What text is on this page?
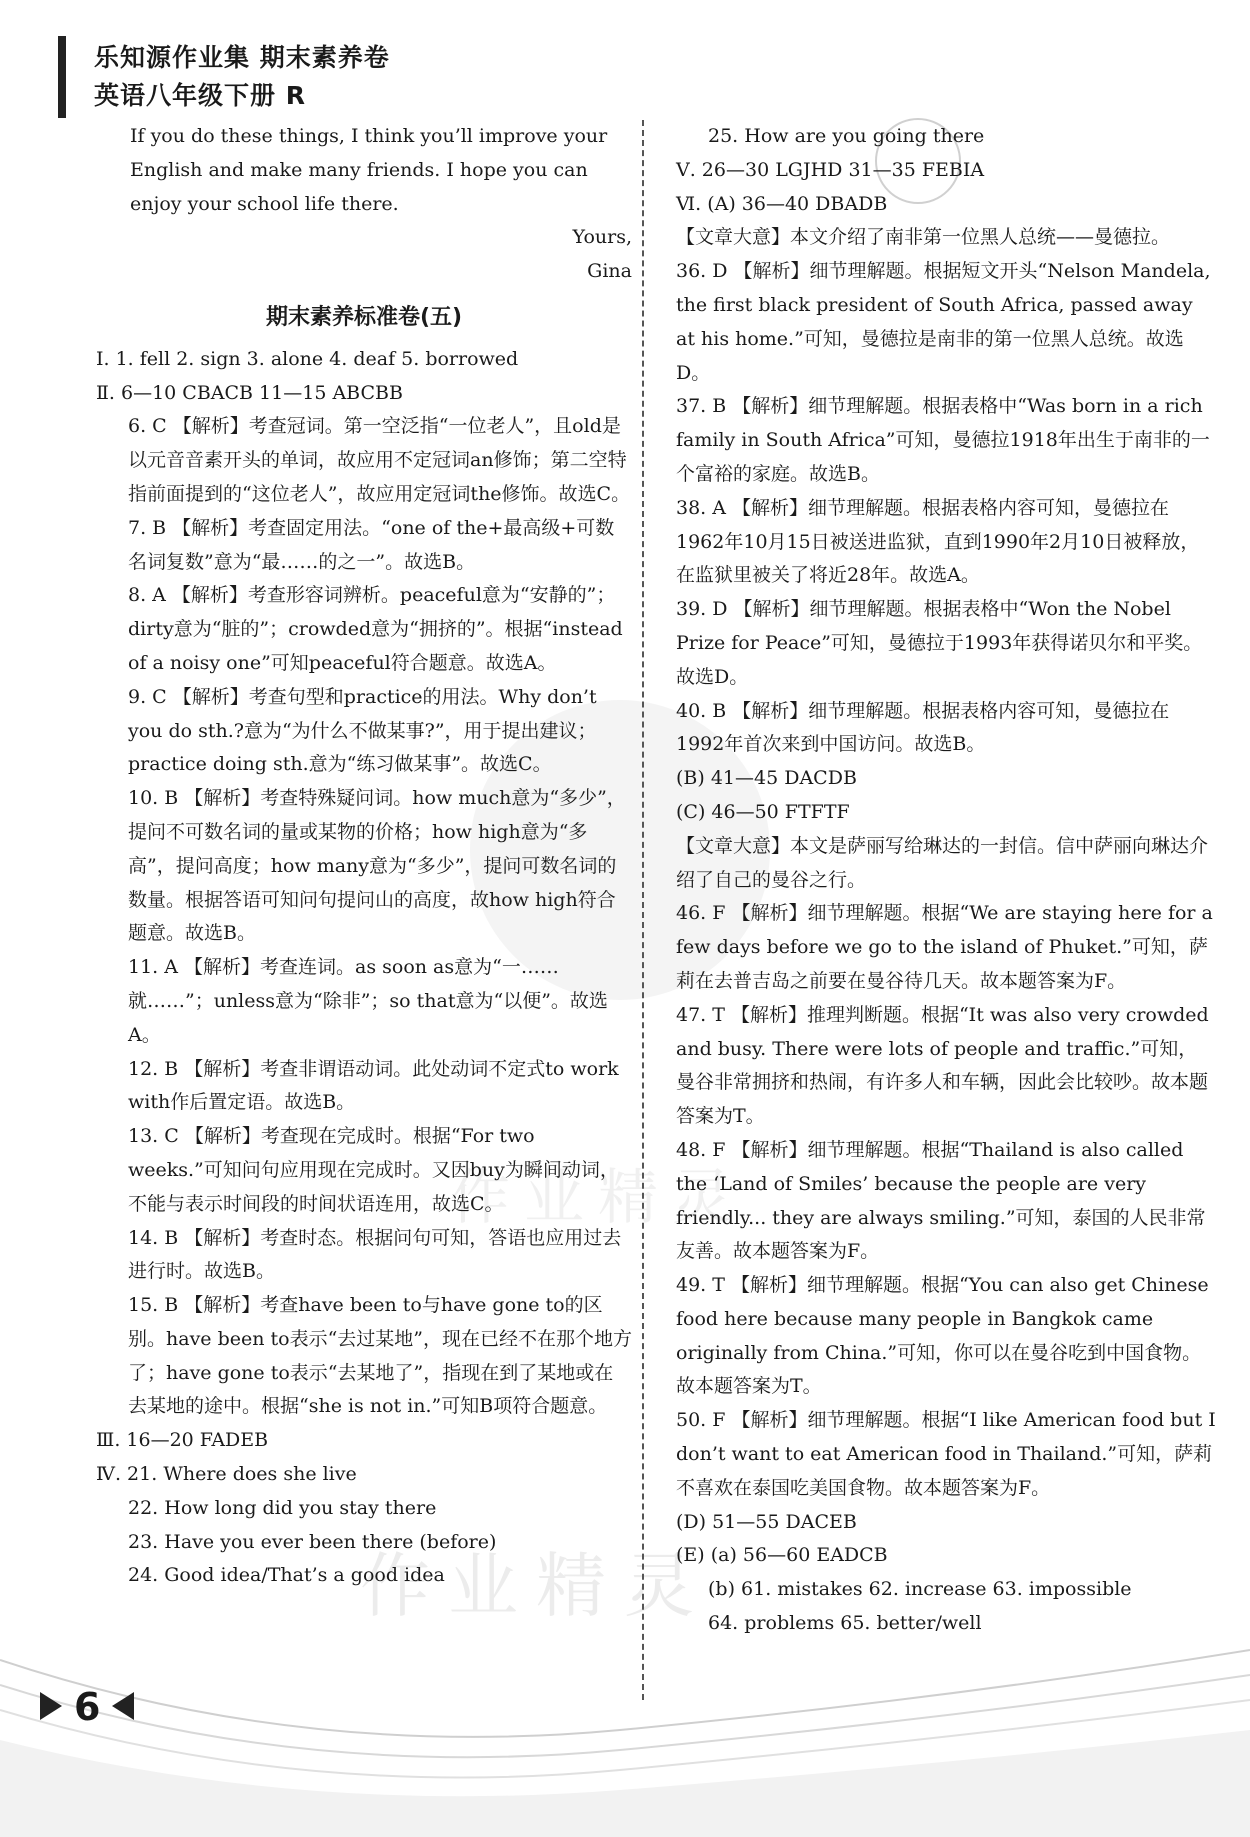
乐知源作业集 期末素养卷
英语八年级下册 R
作业精灵
作业精灵
If you do these things, I think you’ll improve your English and make many friends. I hope you can enjoy your school life there.
Yours,
Gina
期末素养标准卷(五)
Ⅰ. 1. fell 2. sign 3. alone 4. deaf 5. borrowed
Ⅱ. 6—10 CBACB 11—15 ABCBB
6. C 【解析】考查冠词。第一空泛指“一位老人”，且old是以元音音素开头的单词，故应用不定冠词an修饰；第二空特指前面提到的“这位老人”，故应用定冠词the修饰。故选C。
7. B 【解析】考查固定用法。“one of the+最高级+可数名词复数”意为“最……的之一”。故选B。
8. A 【解析】考查形容词辨析。peaceful意为“安静的”；dirty意为“脏的”；crowded意为“拥挤的”。根据“instead of a noisy one”可知peaceful符合题意。故选A。
9. C 【解析】考查句型和practice的用法。Why don’t you do sth.?意为“为什么不做某事?”，用于提出建议；practice doing sth.意为“练习做某事”。故选C。
10. B 【解析】考查特殊疑问词。how much意为“多少”，提问不可数名词的量或某物的价格；how high意为“多高”，提问高度；how many意为“多少”，提问可数名词的数量。根据答语可知问句提问山的高度，故how high符合题意。故选B。
11. A 【解析】考查连词。as soon as意为“一……就……”；unless意为“除非”；so that意为“以便”。故选A。
12. B 【解析】考查非谓语动词。此处动词不定式to work with作后置定语。故选B。
13. C 【解析】考查现在完成时。根据“For two weeks.”可知问句应用现在完成时。又因buy为瞬间动词，不能与表示时间段的时间状语连用，故选C。
14. B 【解析】考查时态。根据问句可知，答语也应用过去进行时。故选B。
15. B 【解析】考查have been to与have gone to的区别。have been to表示“去过某地”，现在已经不在那个地方了；have gone to表示“去某地了”，指现在到了某地或在去某地的途中。根据“she is not in.”可知B项符合题意。
Ⅲ. 16—20 FADEB
Ⅳ. 21. Where does she live
22. How long did you stay there
23. Have you ever been there (before)
24. Good idea/That’s a good idea
25. How are you going there
Ⅴ. 26—30 LGJHD 31—35 FEBIA
Ⅵ. (A) 36—40 DBADB
【文章大意】本文介绍了南非第一位黑人总统——曼德拉。
36. D 【解析】细节理解题。根据短文开头“Nelson Mandela, the first black president of South Africa, passed away at his home.”可知，曼德拉是南非的第一位黑人总统。故选D。
37. B 【解析】细节理解题。根据表格中“Was born in a rich family in South Africa”可知，曼德拉1918年出生于南非的一个富裕的家庭。故选B。
38. A 【解析】细节理解题。根据表格内容可知，曼德拉在1962年10月15日被送进监狱，直到1990年2月10日被释放，在监狱里被关了将近28年。故选A。
39. D 【解析】细节理解题。根据表格中“Won the Nobel Prize for Peace”可知，曼德拉于1993年获得诺贝尔和平奖。故选D。
40. B 【解析】细节理解题。根据表格内容可知，曼德拉在1992年首次来到中国访问。故选B。
(B) 41—45 DACDB
(C) 46—50 FTFTF
【文章大意】本文是萨丽写给琳达的一封信。信中萨丽向琳达介绍了自己的曼谷之行。
46. F 【解析】细节理解题。根据“We are staying here for a few days before we go to the island of Phuket.”可知，萨莉在去普吉岛之前要在曼谷待几天。故本题答案为F。
47. T 【解析】推理判断题。根据“It was also very crowded and busy. There were lots of people and traffic.”可知，曼谷非常拥挤和热闹，有许多人和车辆，因此会比较吵。故本题答案为T。
48. F 【解析】细节理解题。根据“Thailand is also called the ‘Land of Smiles’ because the people are very friendly... they are always smiling.”可知，泰国的人民非常友善。故本题答案为F。
49. T 【解析】细节理解题。根据“You can also get Chinese food here because many people in Bangkok came originally from China.”可知，你可以在曼谷吃到中国食物。故本题答案为T。
50. F 【解析】细节理解题。根据“I like American food but I don’t want to eat American food in Thailand.”可知，萨莉不喜欢在泰国吃美国食物。故本题答案为F。
(D) 51—55 DACEB
(E) (a) 56—60 EADCB
(b) 61. mistakes 62. increase 63. impossible
64. problems 65. better/well
6
